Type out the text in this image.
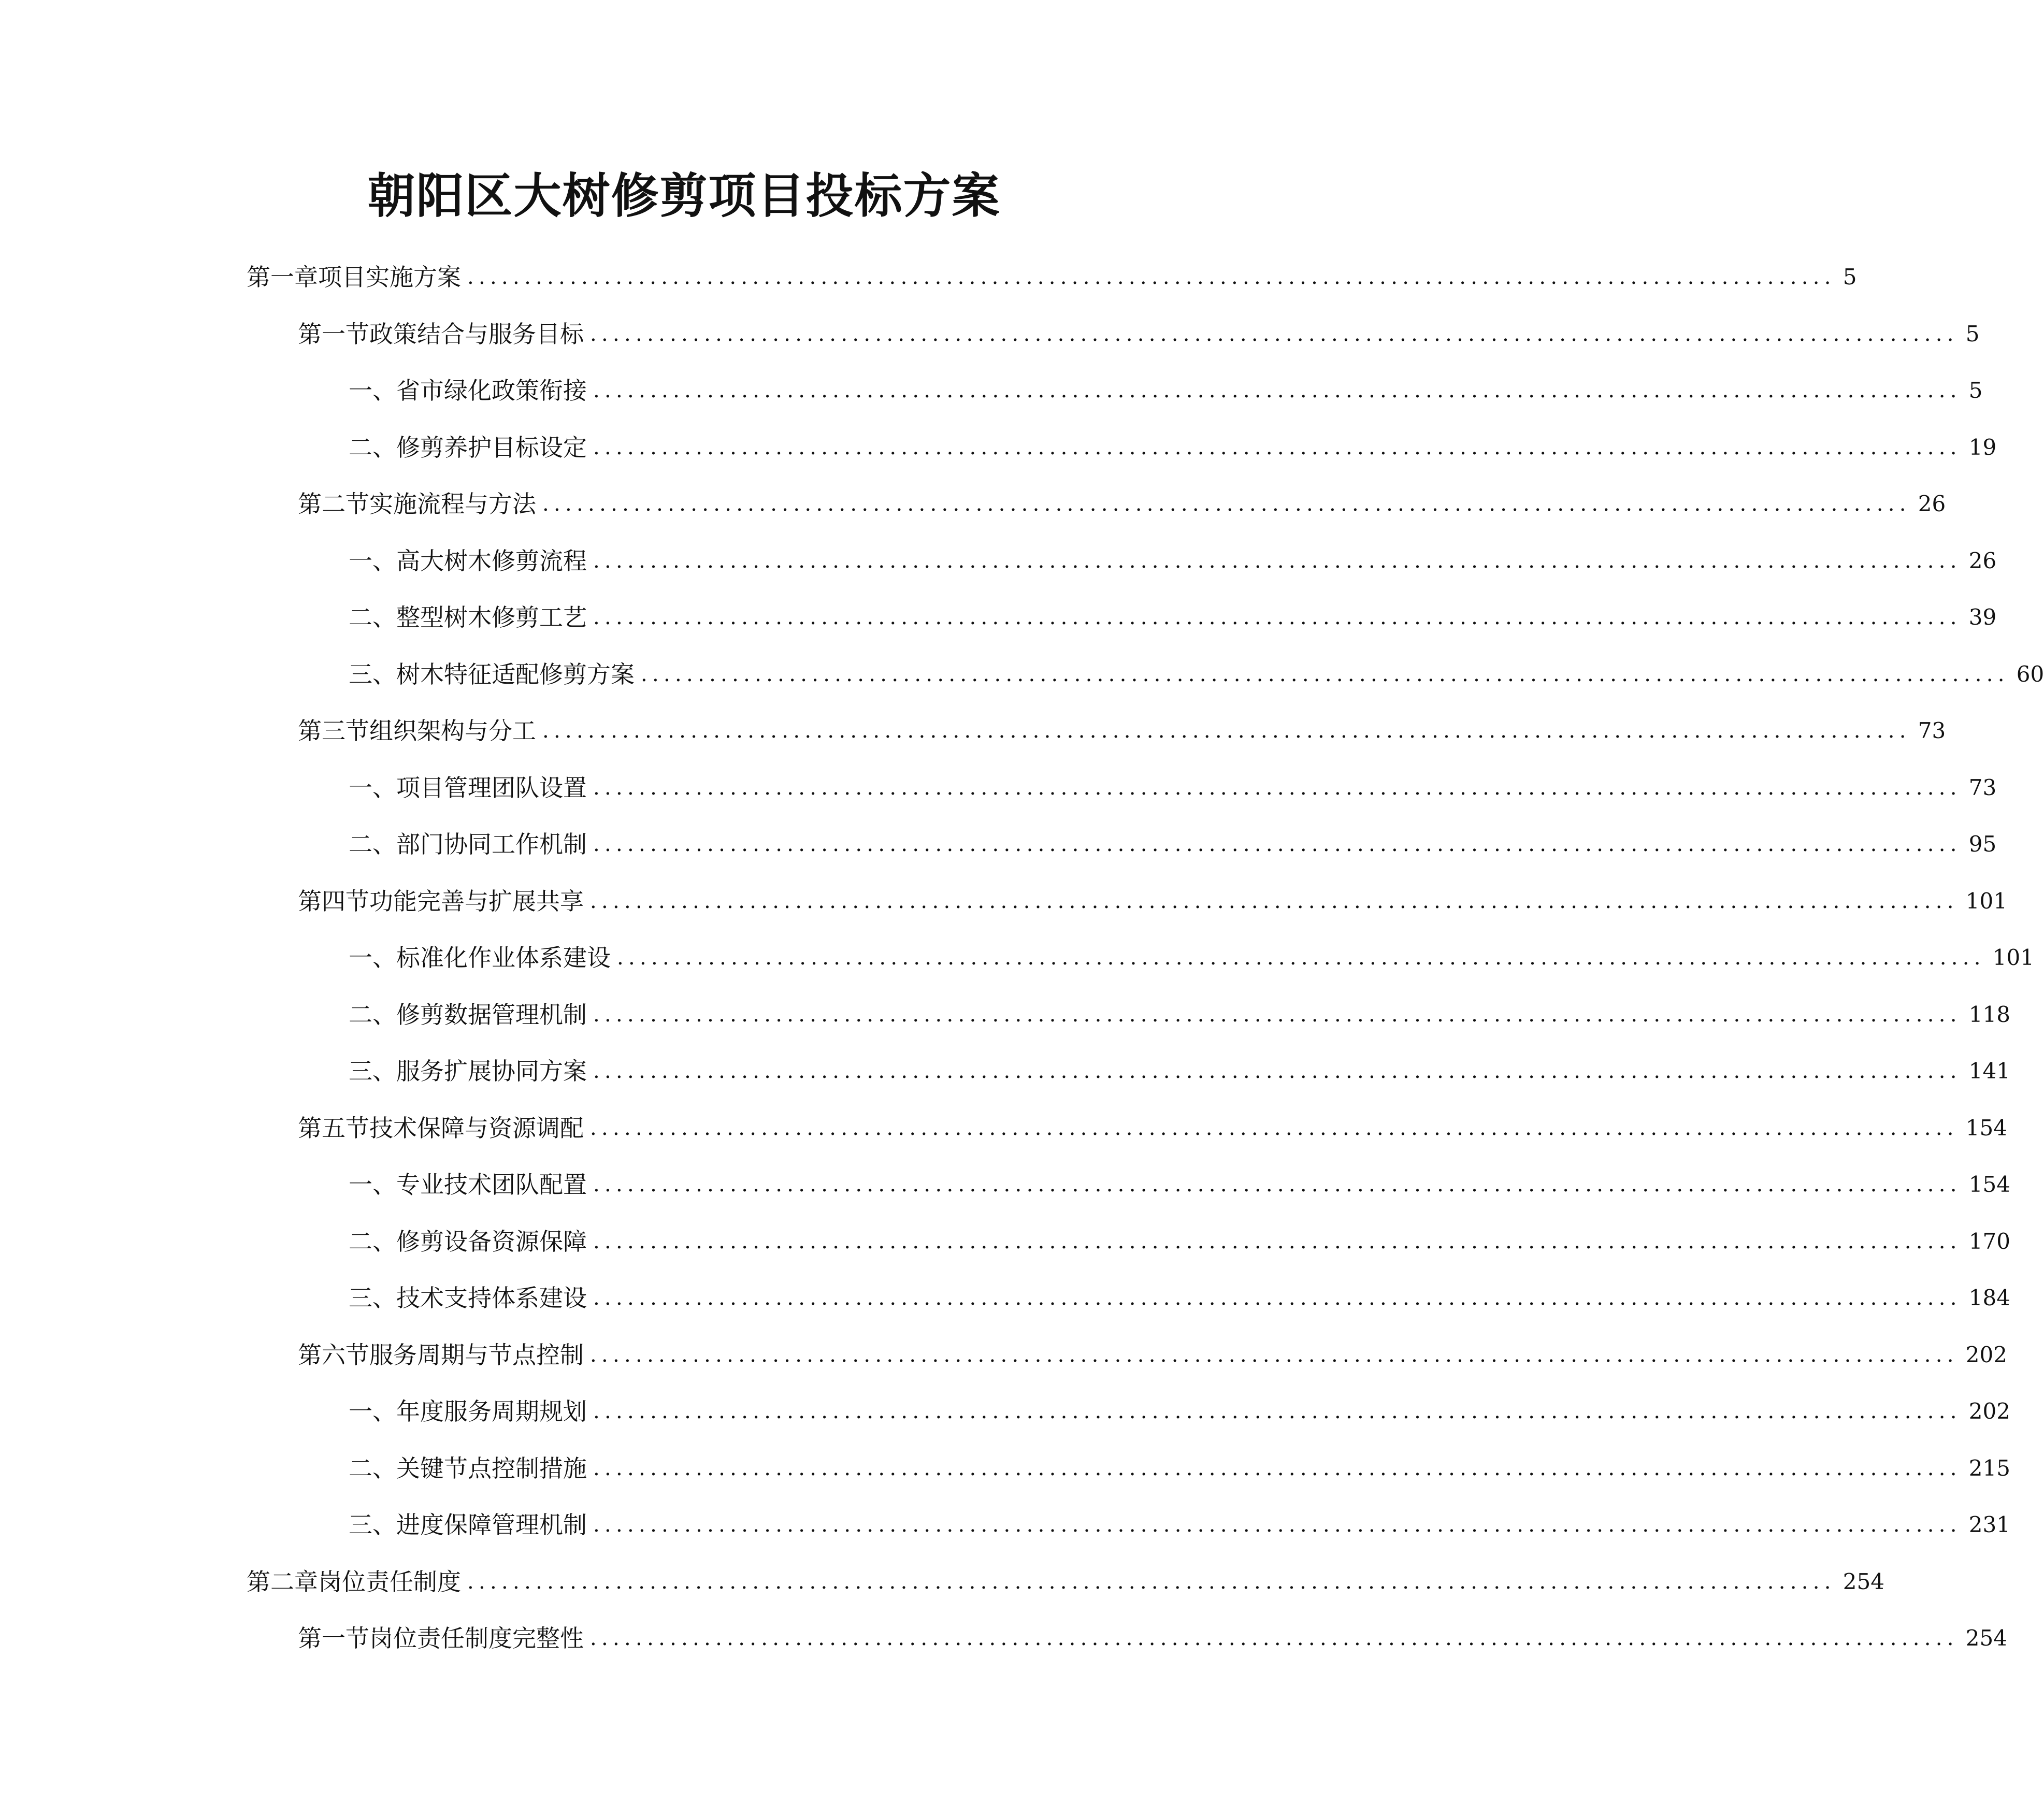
朝阳区大树修剪项目投标方案
第一章 项目实施方案 ........................................................................................................................ 5
第一节 政策结合与服务目标 ........................................................................................................................ 5
一、 省市绿化政策衔接 ........................................................................................................................ 5
二、 修剪养护目标设定 ........................................................................................................................ 19
第二节 实施流程与方法 ........................................................................................................................ 26
一、 高大树木修剪流程 ........................................................................................................................ 26
二、 整型树木修剪工艺 ........................................................................................................................ 39
三、 树木特征适配修剪方案 ........................................................................................................................ 60
第三节 组织架构与分工 ........................................................................................................................ 73
一、 项目管理团队设置 ........................................................................................................................ 73
二、 部门协同工作机制 ........................................................................................................................ 95
第四节 功能完善与扩展共享 ........................................................................................................................ 101
一、 标准化作业体系建设 ........................................................................................................................ 101
二、 修剪数据管理机制 ........................................................................................................................ 118
三、 服务扩展协同方案 ........................................................................................................................ 141
第五节 技术保障与资源调配 ........................................................................................................................ 154
一、 专业技术团队配置 ........................................................................................................................ 154
二、 修剪设备资源保障 ........................................................................................................................ 170
三、 技术支持体系建设 ........................................................................................................................ 184
第六节 服务周期与节点控制 ........................................................................................................................ 202
一、 年度服务周期规划 ........................................................................................................................ 202
二、 关键节点控制措施 ........................................................................................................................ 215
三、 进度保障管理机制 ........................................................................................................................ 231
第二章 岗位责任制度 ........................................................................................................................ 254
第一节 岗位责任制度完整性 ........................................................................................................................ 254
